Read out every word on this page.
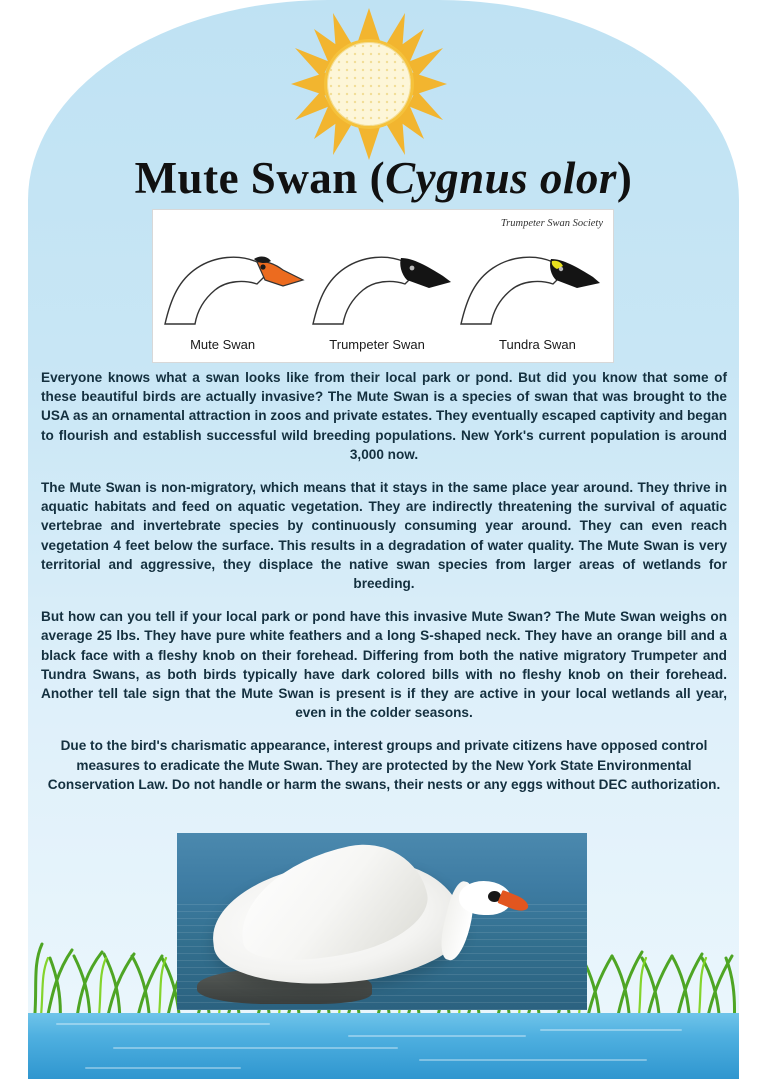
Mute Swan (Cygnus olor)
Trumpeter Swan Society
Mute Swan	Trumpeter Swan	Tundra Swan

Everyone knows what a swan looks like from their local park or pond. But did you know that some of these beautiful birds are actually invasive? The Mute Swan is a species of swan that was brought to the USA as an ornamental attraction in zoos and private estates. They eventually escaped captivity and began to flourish and establish successful wild breeding populations. New York's current population is around 3,000 now.

The Mute Swan is non-migratory, which means that it stays in the same place year around. They thrive in aquatic habitats and feed on aquatic vegetation. They are indirectly threatening the survival of aquatic vertebrae and invertebrate species by continuously consuming year around. They can even reach vegetation 4 feet below the surface. This results in a degradation of water quality. The Mute Swan is very territorial and aggressive, they displace the native swan species from larger areas of wetlands for breeding.

But how can you tell if your local park or pond have this invasive Mute Swan? The Mute Swan weighs on average 25 lbs. They have pure white feathers and a long S-shaped neck. They have an orange bill and a black face with a fleshy knob on their forehead. Differing from both the native migratory Trumpeter and Tundra Swans, as both birds typically have dark colored bills with no fleshy knob on their forehead. Another tell tale sign that the Mute Swan is present is if they are active in your local wetlands all year, even in the colder seasons.

Due to the bird's charismatic appearance, interest groups and private citizens have opposed control measures to eradicate the Mute Swan. They are protected by the New York State Environmental Conservation Law. Do not handle or harm the swans, their nests or any eggs without DEC authorization.
